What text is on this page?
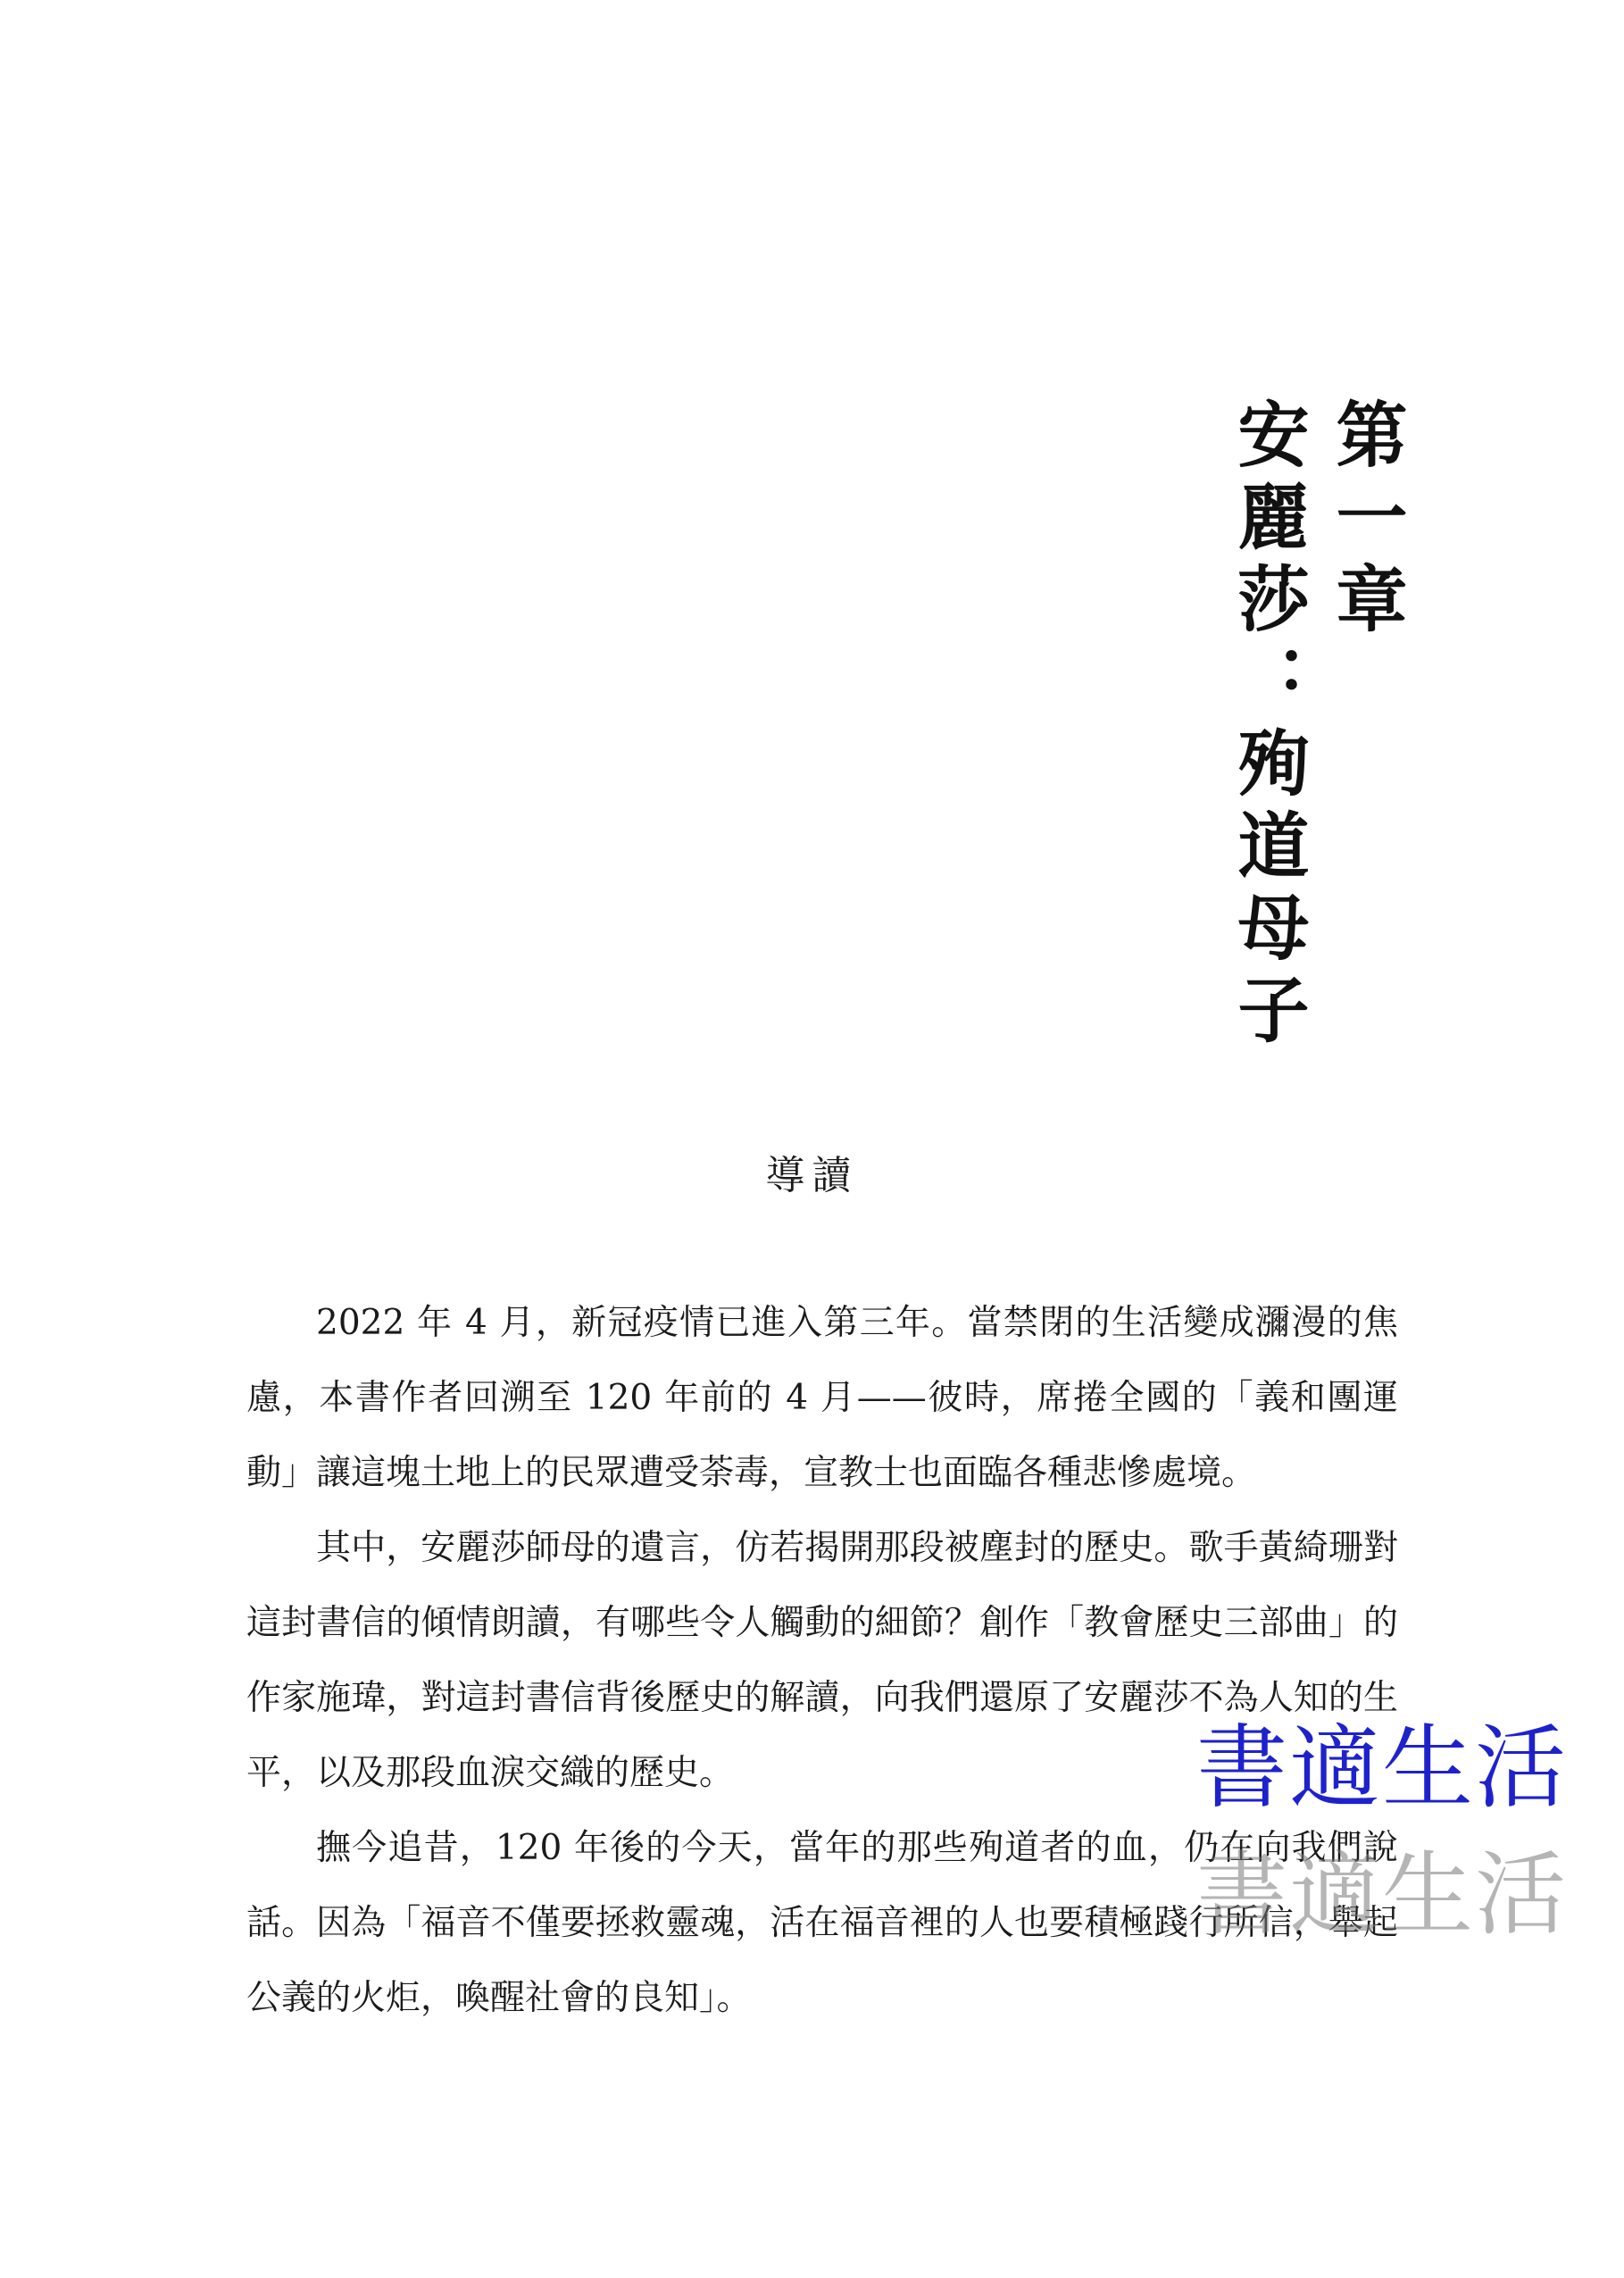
第一章
安麗莎：殉道母子
導讀

2022 年 4 月，新冠疫情已進入第三年。當禁閉的生活變成瀰漫的焦慮，本書作者回溯至 120 年前的 4 月——彼時，席捲全國的「義和團運動」讓這塊土地上的民眾遭受荼毒，宣教士也面臨各種悲慘處境。

其中，安麗莎師母的遺言，仿若揭開那段被塵封的歷史。歌手黃綺珊對這封書信的傾情朗讀，有哪些令人觸動的細節？創作「教會歷史三部曲」的作家施瑋，對這封書信背後歷史的解讀，向我們還原了安麗莎不為人知的生平，以及那段血淚交織的歷史。

撫今追昔，120 年後的今天，當年的那些殉道者的血，仍在向我們說話。因為「福音不僅要拯救靈魂，活在福音裡的人也要積極踐行所信，舉起公義的火炬，喚醒社會的良知」。

書適生活
書適生活
